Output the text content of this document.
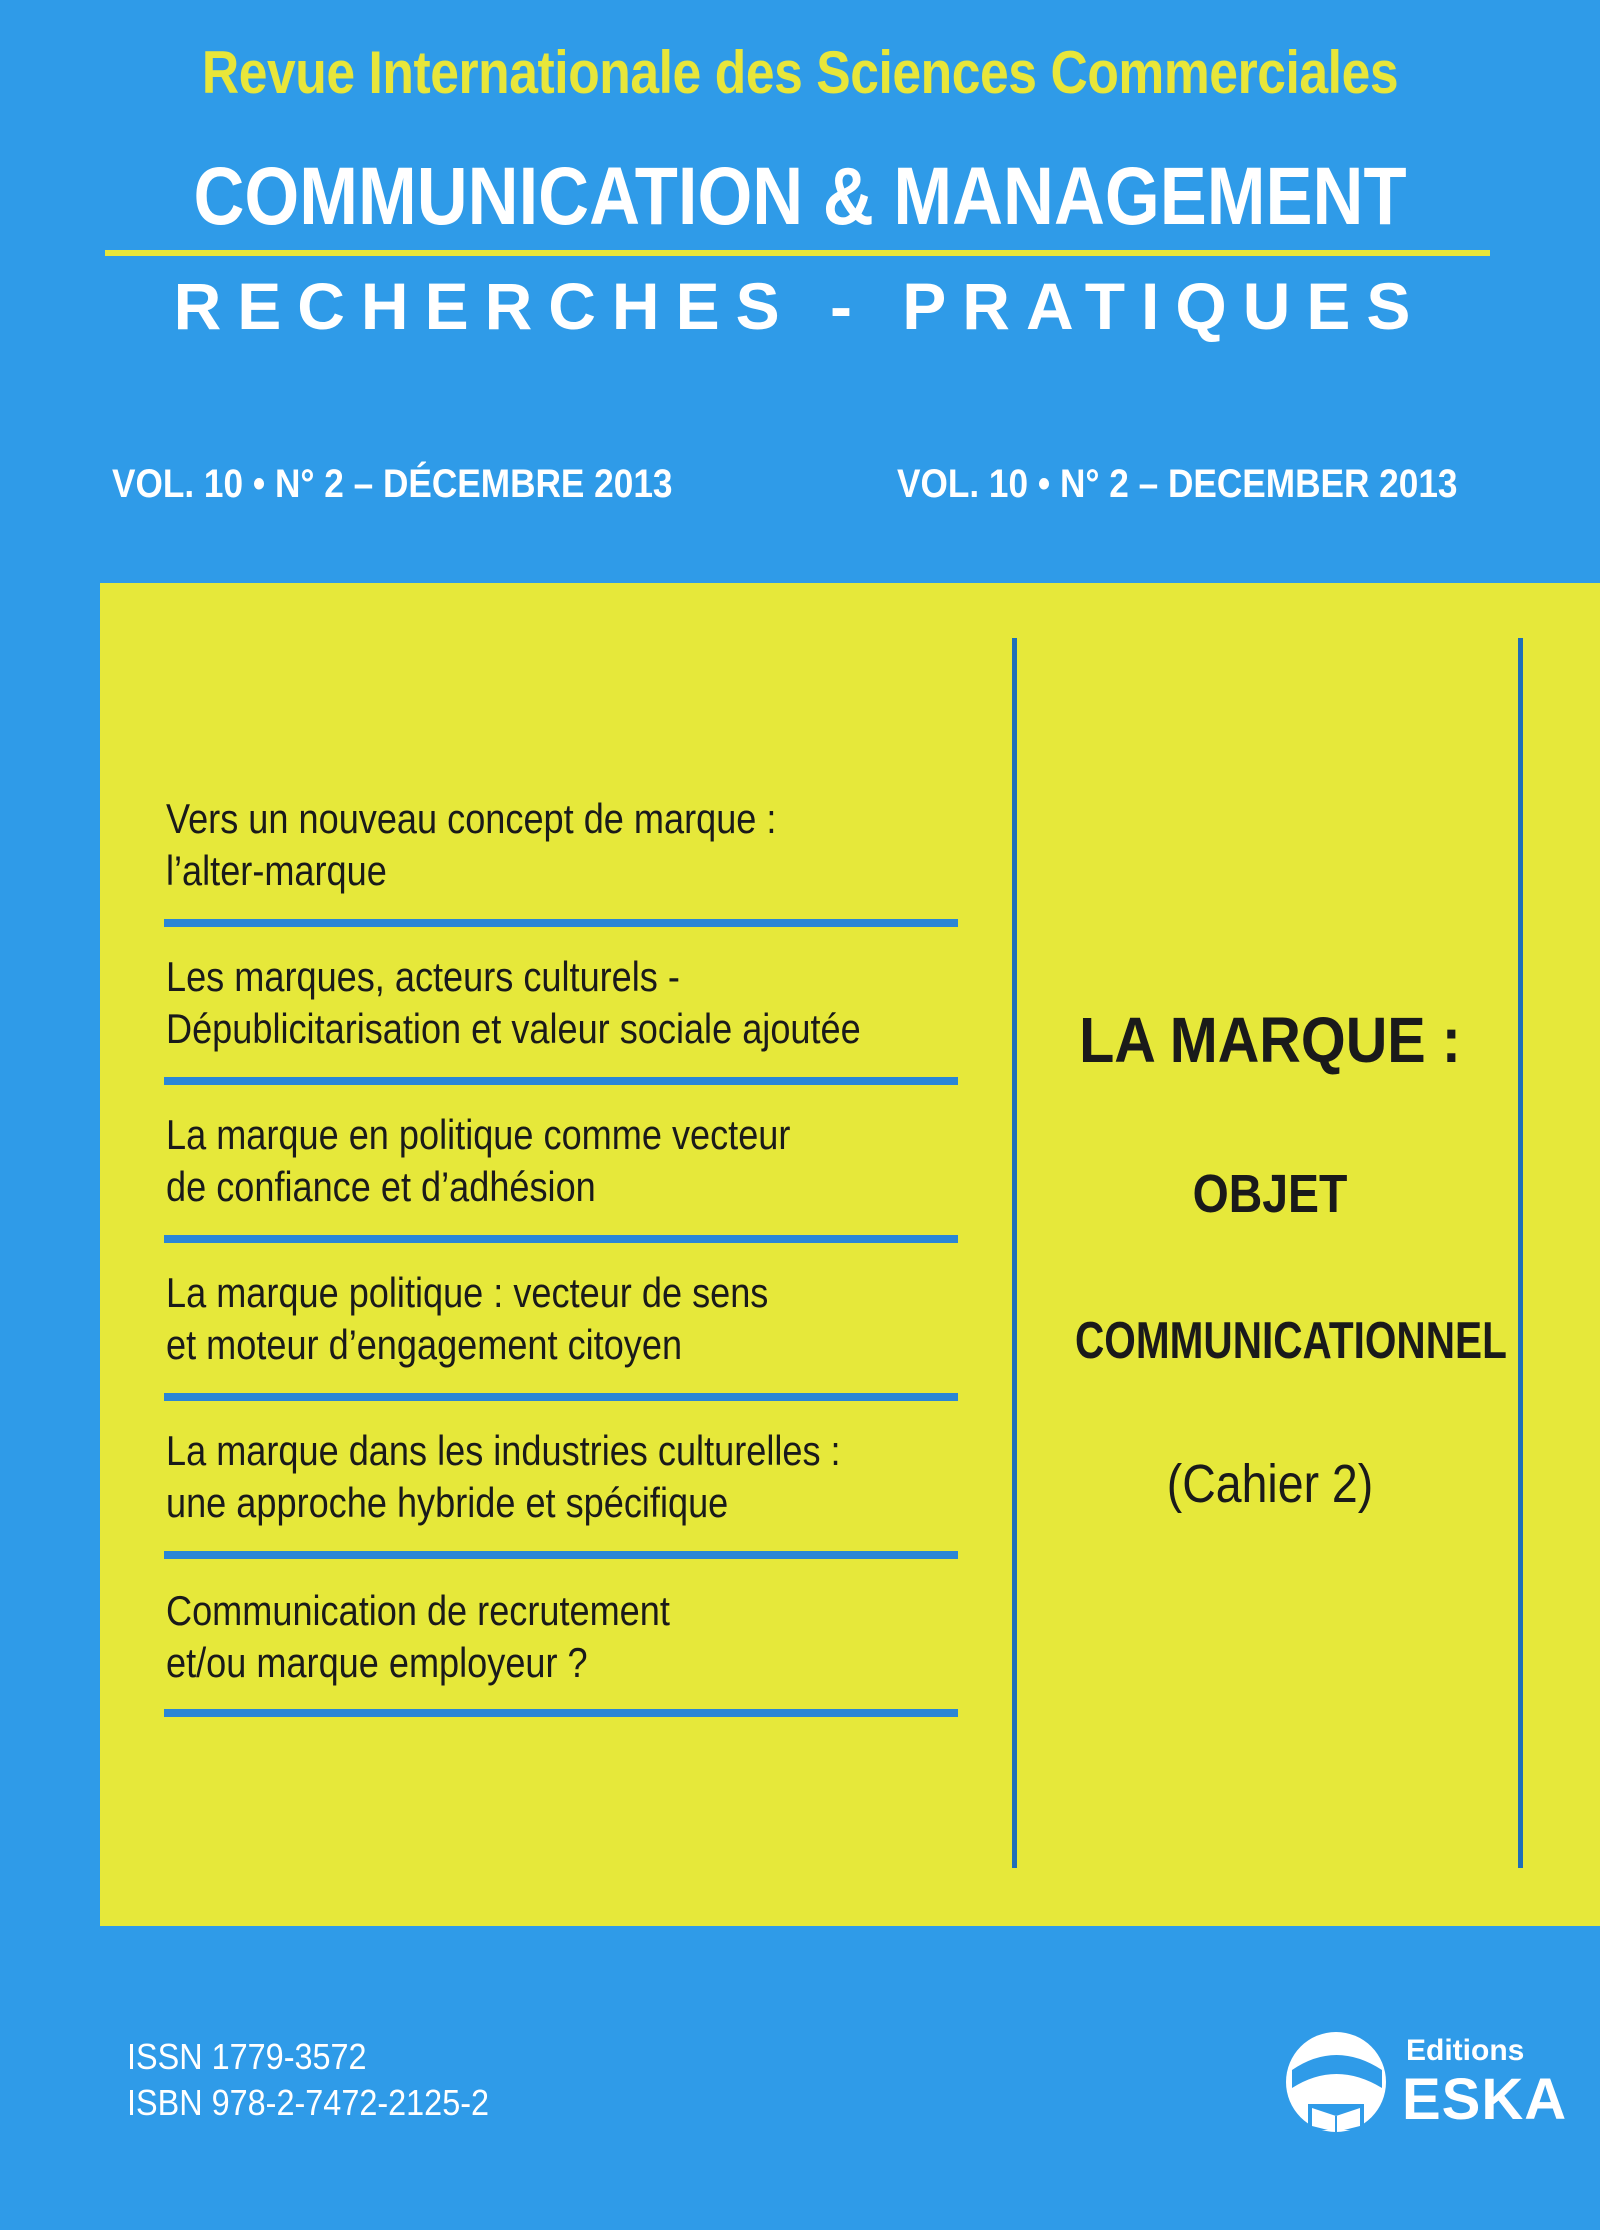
Revue Internationale des Sciences Commerciales
COMMUNICATION & MANAGEMENT
RECHERCHES - PRATIQUES
VOL. 10 • N° 2 – DÉCEMBRE 2013	VOL. 10 • N° 2 – DECEMBER 2013
Vers un nouveau concept de marque :
l’alter-marque
Les marques, acteurs culturels -
Dépublicitarisation et valeur sociale ajoutée
La marque en politique comme vecteur
de confiance et d’adhésion
La marque politique : vecteur de sens
et moteur d’engagement citoyen
La marque dans les industries culturelles :
une approche hybride et spécifique
Communication de recrutement
et/ou marque employeur ?
LA MARQUE :
OBJET
COMMUNICATIONNEL
(Cahier 2)
ISSN 1779-3572
ISBN 978-2-7472-2125-2
Editions
ESKA
